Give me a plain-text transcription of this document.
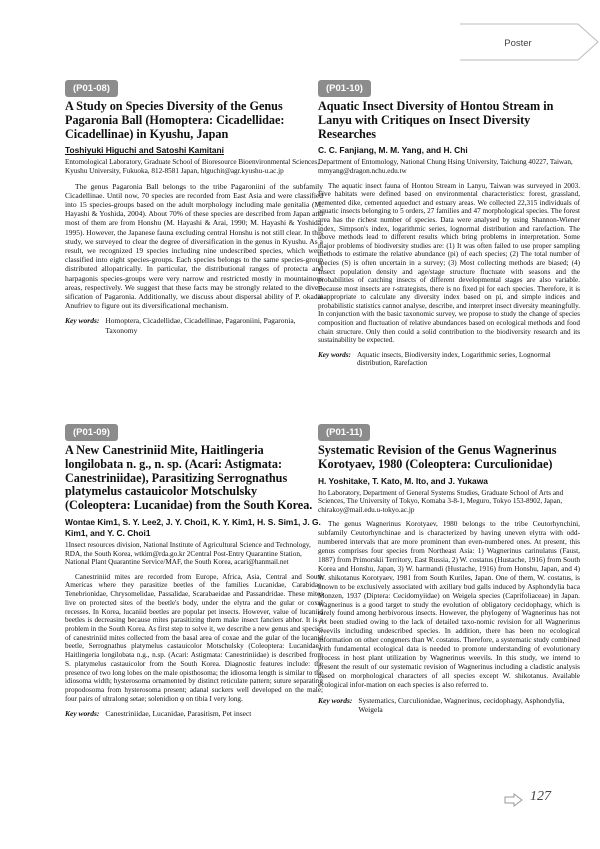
Poster
(P01-08)
A Study on Species Diversity of the Genus Pagaronia Ball (Homoptera: Cicadellidae: Cicadellinae) in Kyushu, Japan
Toshiyuki Higuchi and Satoshi Kamitani
Entomological Laboratory, Graduate School of Bioresource Bioenvironmental Sciences, Kyushu University, Fukuoka, 812-8581 Japan, hlguchit@agr.kyushu-u.ac.jp

The genus Pagaronia Ball belongs to the tribe Pagaroniini of the subfamily Cicadellinae. Until now, 70 species are recorded from East Asia and were classified into 15 species-groups based on the adult morphology including male genitalia (M. Hayashi & Yoshida, 2004). About 70% of these species are described from Japan and most of them are from Honshu (M. Hayashi & Arai, 1990; M. Hayashi & Yoshida, 1995). However, the Japanese fauna excluding central Honshu is not still clear. In this study, we surveyed to clear the degree of diversification in the genus in Kyushu. As a result, we recognized 19 species including nine undescribed species, which were classified into eight species-groups. Each species belongs to the same species-group distributed allopatrically. In particular, the distributional ranges of protecta and harpagonis species-groups were very narrow and restricted mostly in mountainous areas, respectively. We suggest that these facts may be strongly related to the diver-sification of Pagaronia. Additionally, we discuss about dispersal ability of P. okadai Anufriev to figure out its diversificational mechanism.

Key words: Homoptera, Cicadellidae, Cicadellinae, Pagaroniini, Pagaronia, Taxonomy
(P01-10)
Aquatic Insect Diversity of Hontou Stream in Lanyu with Critiques on Insect Diversity Researches
C. C. Fanjiang, M. M. Yang, and H. Chi
Department of Entomology, National Chung Hsing University, Taichung 40227, Taiwan, mmyang@dragon.nchu.edu.tw

The aquatic insect fauna of Hontou Stream in Lanyu, Taiwan was surveyed in 2003. Five habitats were defined based on environmental characteristics: forest, grassland, cemented dike, cemented aqueduct and estuary areas. We collected 22,315 individuals of aquatic insects belonging to 5 orders, 27 families and 47 morphological species. The forest area has the richest number of species. Data were analysed by using Shannon-Wiener index, Simpson's index, logarithmic series, lognormal distribution and rarefaction. The above methods lead to different results which bring problems in interpretation. Some major problems of biodiversity studies are: (1) It was often failed to use proper sampling methods to estimate the relative abundance (pi) of each species; (2) The total number of species (S) is often uncertain in a survey; (3) Most collecting methods are biased; (4) Insect population density and age/stage structure fluctuate with seasons and the probabilities of catching insects of different developmental stages are also variable. Because most insects are r-strategists, there is no fixed pi for each species. Therefore, it is inappropriate to calculate any diversity index based on pi, and simple indices and probabilistic statistics cannot analyse, describe, and interpret insect diversity meaningfully. In conjunction with the basic taxonomic survey, we propose to study the change of species composition and fluctuation of relative abundances based on ecological methods and food chain structure. Only then could a solid contribution to the biodiversity research and its sustainability be expected.

Key words: Aquatic insects, Biodiversity index, Logarithmic series, Lognormal distribution, Rarefaction
(P01-09)
A New Canestriniid Mite, Haitlingeria longilobata n. g., n. sp. (Acari: Astigmata: Canestriniidae), Parasitizing Serrognathus platymelus castauicolor Motschulsky (Coleoptera: Lucanidae) from the South Korea.
Wontae Kim1, S. Y. Lee2, J. Y. Choi1, K. Y. Kim1, H. S. Sim1, J. G. Kim1, and Y. C. Choi1
1Insect resources division, National Institute of Agricultural Science and Technology, RDA, the South Korea, wtkim@rda.go.kr 2Central Post-Entry Quarantine Station, National Plant Quarantine Service/MAF, the South Korea, acari@hanmail.net

Canestriniid mites are recorded from Europe, Africa, Asia, Central and South Americas where they parasitize beetles of the families Lucanidae, Carabidae, Tenebrionidae, Chrysomelidae, Passalidae, Scarabaeidae and Passandridae. These mites live on protected sites of the beetle's body, under the elytra and the gular or coxal recesses. In Korea, lucaniid beetles are popular pet insects. However, value of lucaniid beetles is decreasing because mites parasitizing them make insect fanciers abhor. It is a problem in the South Korea. As first step to solve it, we describe a new genus and species of canestriniid mites collected from the basal area of coxae and the gular of the lucanid beetle, Serrognathus platymelus castauicolor Motschulsky (Coleoptera: Lucanidae). Haitlingeria longilobata n.g., n.sp. (Acari: Astigmata: Canestriniidae) is described from S. platymelus castauicolor from the South Korea. Diagnostic features include: the presence of two long lobes on the male opisthosoma; the idiosoma length is similar to the idiosoma width; hysterosoma ornamented by distinct reticulate pattern; suture separating propodosoma from hysterosoma present; adanal suckers well developed on the male; four pairs of ultralong setae; solenidion φ on tibia I very long.

Key words: Canestriniidae, Lucanidae, Parasitism, Pet insect
(P01-11)
Systematic Revision of the Genus Wagnerinus Korotyaev, 1980 (Coleoptera: Curculionidae)
H. Yoshitake, T. Kato, M. Ito, and J. Yukawa
Ito Laboratory, Department of General Systems Studies, Graduate School of Arts and Sciences, The University of Tokyo, Komaba 3-8-1, Meguro, Tokyo 153-8902, Japan, chirakoy@mail.edu.u-tokyo.ac.jp

The genus Wagnerinus Korotyaev, 1980 belongs to the tribe Ceutorhynchini, subfamily Ceutorhynchinae and is characterized by having uneven elytra with odd-numbered intervals that are more prominent than even-numbered ones. At present, this genus comprises four species from Northeast Asia: 1) Wagnerinus carinulatus (Faust, 1887) from Primorskii Territory, East Russia, 2) W. costatus (Hustache, 1916) from South Korea and Honshu, Japan, 3) W. harmandi (Hustache, 1916) from Honshu, Japan, and 4) W. shikotanus Korotyaev, 1981 from South Kuriles, Japan. One of them, W. costatus, is known to be exclusively associated with axillary bud galls induced by Asphondylia baca Monzen, 1937 (Diptera: Cecidomyiidae) on Weigela species (Caprifoliaceae) in Japan. Wagnerinus is a good target to study the evolution of obligatory cecidophagy, which is rarely found among herbivorous insects. However, the phylogeny of Wagnerinus has not yet been studied owing to the lack of detailed taxo-nomic revision for all Wagnerinus weevils including undescribed species. In addition, there has been no ecological information on other congeners than W. costatus. Therefore, a systematic study combined with fundamental ecological data is needed to promote understanding of evolutionary process in host plant utilization by Wagnerinus weevils. In this study, we intend to present the result of our systematic revision of Wagnerinus including a cladistic analysis based on morphological characters of all species except W. shikotanus. Available ecological infor-mation on each species is also referred to.

Key words: Systematics, Curculionidae, Wagnerinus, cecidophagy, Asphondylia, Weigela
127
